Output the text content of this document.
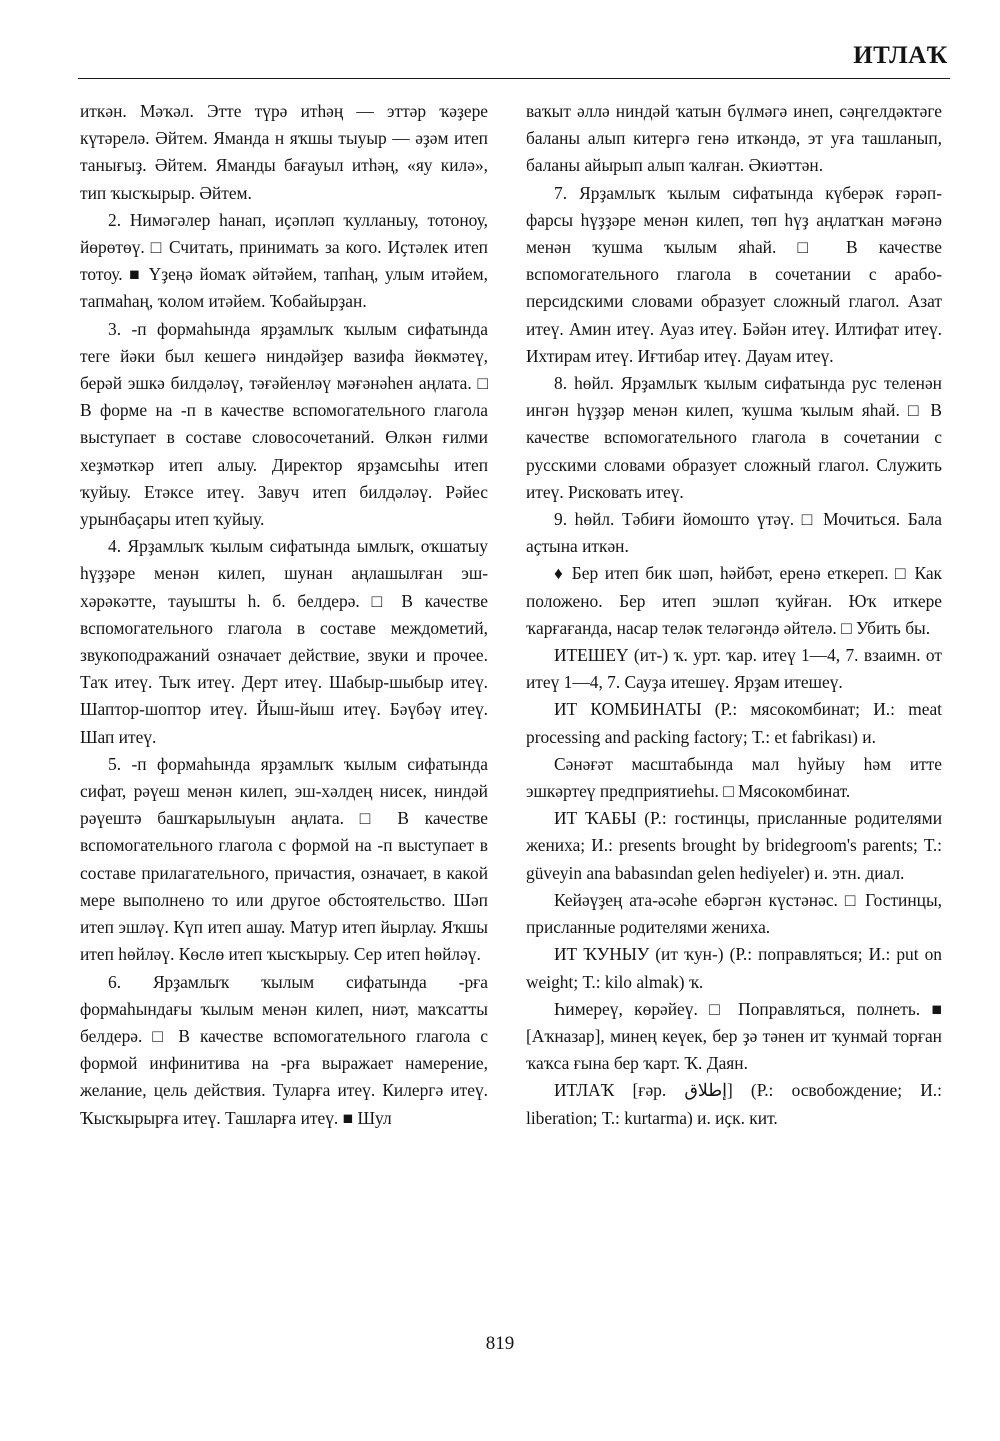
ИТЛАҠ

иткән. Мәҡәл. Этте түрә итһәң — эттәр ҡәҙере күтәрелә. Әйтем. Яманда н яҡшы тыуыр — әҙәм итеп танығыҙ. Әйтем. Яманды бағауыл итһәң, «яу килә», тип ҡысҡырыр. Әйтем.

2. Нимәгәлер һанап, иҫәпләп ҡулланыу, тотоноу, йөрөтөү. □ Считать, принимать за кого. Иҫтәлек итеп тотоу. ■ Үҙеңә йомаҡ әйтәйем, тапһаң, улым итәйем, тапмаһаң, ҡолом итәйем. Ҡобайырҙан.

3. -п формаһында ярҙамлыҡ ҡылым сифатында теге йәки был кешегә ниндәйҙер вазифа йөкмәтеү, берәй эшкә билдәләү, тәғәйенләү мәғәнәһен аңлата. □ В форме на -п в качестве вспомогательного глагола выступает в составе словосочетаний. Өлкән ғилми хеҙмәткәр итеп алыу. Директор ярҙамсыһы итеп ҡуйыу. Етәксе итеү. Завуч итеп билдәләү. Рәйес урынбаҫары итеп ҡуйыу.

4. Ярҙамлыҡ ҡылым сифатында ымлыҡ, оҡшатыу һүҙҙәре менән килеп, шунан аңлашылған эш-хәрәкәтте, тауышты һ. б. белдерә. □ В качестве вспомогательного глагола в составе междометий, звукоподражаний означает действие, звуки и прочее. Таҡ итеү. Тыҡ итеү. Дерт итеү. Шабыр-шыбыр итеү. Шаптор-шоптор итеү. Йыш-йыш итеү. Бәүбәү итеү. Шап итеү.

5. -п формаһында ярҙамлыҡ ҡылым сифатында сифат, рәүеш менән килеп, эш-хәлдең нисек, ниндәй рәүештә башҡарылыуын аңлата. □ В качестве вспомогательного глагола с формой на -п выступает в составе прилагательного, причастия, означает, в какой мере выполнено то или другое обстоятельство. Шәп итеп эшләү. Күп итеп ашау. Матур итеп йырлау. Яҡшы итеп һөйләү. Көслө итеп ҡысҡырыу. Сер итеп һөйләү.

6. Ярҙамлыҡ ҡылым сифатында -рға формаһындағы ҡылым менән килеп, ниәт, маҡсатты белдерә. □ В качестве вспомогательного глагола с формой инфинитива на -рға выражает намерение, желание, цель действия. Туларға итеү. Килергә итеү. Ҡысҡырырға итеү. Ташларға итеү. ■ Шул

ваҡыт әллә ниндәй ҡатын бүлмәгә инеп, сәңгелдәктәге баланы алып китергә генә иткәндә, эт уға ташланып, баланы айырып алып ҡалған. Әкиәттән.

7. Ярҙамлыҡ ҡылым сифатында күберәк ғәрәп-фарсы һүҙҙәре менән килеп, төп һүҙ аңлатҡан мәғәнә менән ҡушма ҡылым яһай. □ В качестве вспомогательного глагола в сочетании с арабо-персидскими словами образует сложный глагол. Азат итеү. Амин итеү. Ауаз итеү. Бәйән итеү. Илтифат итеү. Ихтирам итеү. Иғтибар итеү. Дауам итеү.

8. һөйл. Ярҙамлыҡ ҡылым сифатында рус теленән ингән һүҙҙәр менән килеп, ҡушма ҡылым яһай. □ В качестве вспомогательного глагола в сочетании с русскими словами образует сложный глагол. Служить итеү. Рисковать итеү.

9. һөйл. Тәбиғи йомошто үтәү. □ Мочиться. Бала аҫтына иткән.

♦ Бер итеп бик шәп, һәйбәт, еренә еткереп. □ Как положено. Бер итеп эшләп ҡуйған. Юҡ иткере ҡарғағанда, насар теләк теләгәндә әйтелә. □ Убить бы.

ИТЕШЕҮ (ит-) ҡ. урт. ҡар. итеү 1—4, 7. взаимн. от итеү 1—4, 7. Сауҙа итешеү. Ярҙам итешеү.

ИТ КОМБИНАТЫ (Р.: мясокомбинат; И.: meat processing and packing factory; Т.: et fabrikası) и.

Сәнәғәт масштабында мал һуйыу һәм итте эшкәртеү предприятиеһы. □ Мясокомбинат.

ИТ ҠАБЫ (Р.: гостинцы, присланные родителями жениха; И.: presents brought by bridegroom's parents; Т.: güveyin ana babasından gelen hediyeler) и. этн. диал.

Кейәүҙең ата-әсәһе ебәргән күстәнәс. □ Гостинцы, присланные родителями жениха.

ИТ ҠУНЫУ (ит ҡун-) (Р.: поправляться; И.: put on weight; Т.: kilo almak) ҡ.

Һимереү, көрәйеү. □ Поправляться, полнеть. ■ [Аҡназар], минең кеүек, бер ҙә тәнен ит ҡунмай торған ҡаҡса ғына бер ҡарт. Ҡ. Даян.

ИТЛАҠ [ғәр. إطلاق] (Р.: освобождение; И.: liberation; Т.: kurtarma) и. иҫк. кит.

819
